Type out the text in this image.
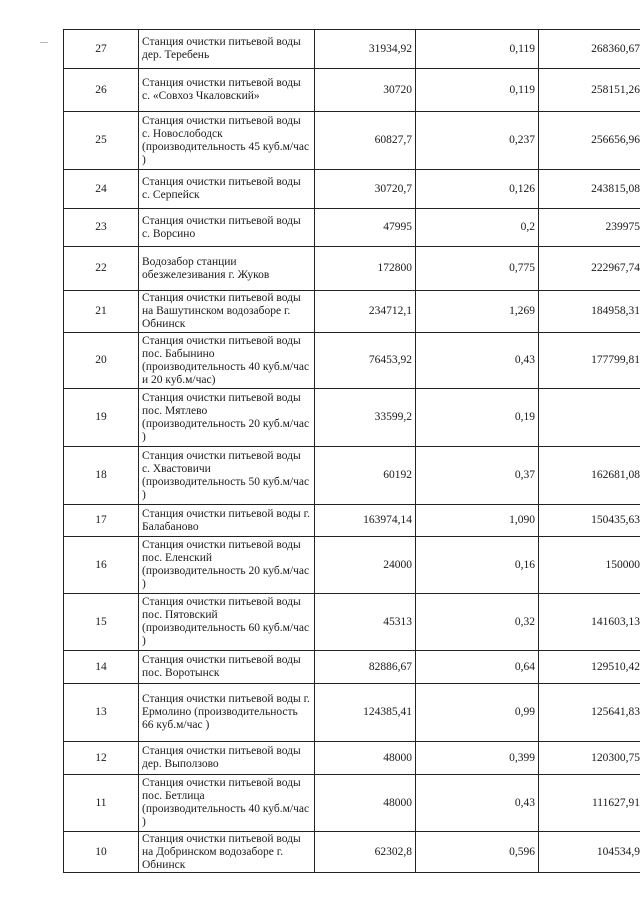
27	Станция очистки питьевой воды дер. Теребень	31934,92	0,119	268360,67
26	Станция очистки питьевой воды с. «Совхоз Чкаловский»	30720	0,119	258151,26
25	Станция очистки питьевой воды с. Новослободск (производительность 45 куб.м/час )	60827,7	0,237	256656,96
24	Станция очистки питьевой воды с. Серпейск	30720,7	0,126	243815,08
23	Станция очистки питьевой воды с. Ворсино	47995	0,2	239975
22	Водозабор станции обезжелезивания г. Жуков	172800	0,775	222967,74
21	Станция очистки питьевой воды на Вашутинском водозаборе г. Обнинск	234712,1	1,269	184958,31
20	Станция очистки питьевой воды пос. Бабынино (производительность 40 куб.м/час и 20 куб.м/час)	76453,92	0,43	177799,81
19	Станция очистки питьевой воды пос. Мятлево (производительность 20 куб.м/час )	33599,2	0,19	
18	Станция очистки питьевой воды с. Хвастовичи (производительность 50 куб.м/час )	60192	0,37	162681,08
17	Станция очистки питьевой воды г. Балабаново	163974,14	1,090	150435,63
16	Станция очистки питьевой воды пос. Еленский (производительность 20 куб.м/час )	24000	0,16	150000
15	Станция очистки питьевой воды пос. Пятовский (производительность 60 куб.м/час )	45313	0,32	141603,13
14	Станция очистки питьевой воды пос. Воротынск	82886,67	0,64	129510,42
13	Станция очистки питьевой воды г. Ермолино (производительность 66 куб.м/час )	124385,41	0,99	125641,83
12	Станция очистки питьевой воды дер. Выползово	48000	0,399	120300,75
11	Станция очистки питьевой воды пос. Бетлица (производительность 40 куб.м/час )	48000	0,43	111627,91
10	Станция очистки питьевой воды на Добринском водозаборе г. Обнинск	62302,8	0,596	104534,9
